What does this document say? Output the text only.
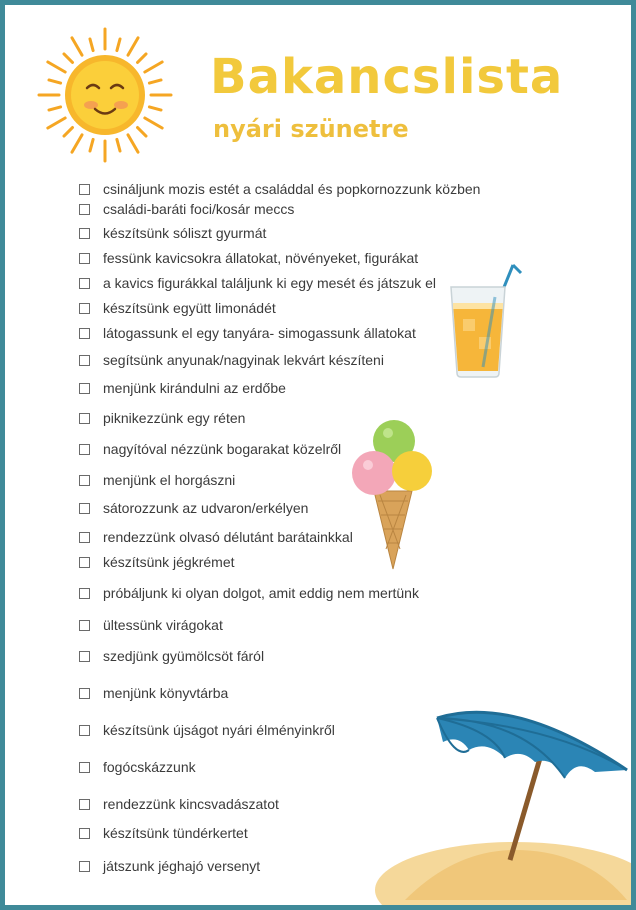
Bakancslista
nyári szünetre
csináljunk mozis estét a családdal és popkornozzunk közben
családi-baráti foci/kosár meccs
készítsünk sóliszt gyurmát
fessünk kavicsokra állatokat, növényeket, figurákat
a kavics figurákkal találjunk ki egy mesét és játszuk el
készítsünk együtt limonádét
látogassunk el egy tanyára- simogassunk állatokat
segítsünk anyunak/nagyinak lekvárt készíteni
menjünk kirándulni az erdőbe
piknikezzünk egy réten
nagyítóval nézzünk bogarakat közelről
menjünk el horgászni
sátorozzunk az udvaron/erkélyen
rendezzünk olvasó délutánt barátainkkal
készítsünk jégkrémet
próbáljunk ki olyan dolgot, amit eddig nem mertünk
ültessünk virágokat
szedjünk gyümölcsöt fáról
menjünk könyvtárba
készítsünk újságot nyári élményinkről
fogócskázzunk
rendezzünk kincsvadászatot
készítsünk tündérkertet
játszunk jéghajó versenyt
